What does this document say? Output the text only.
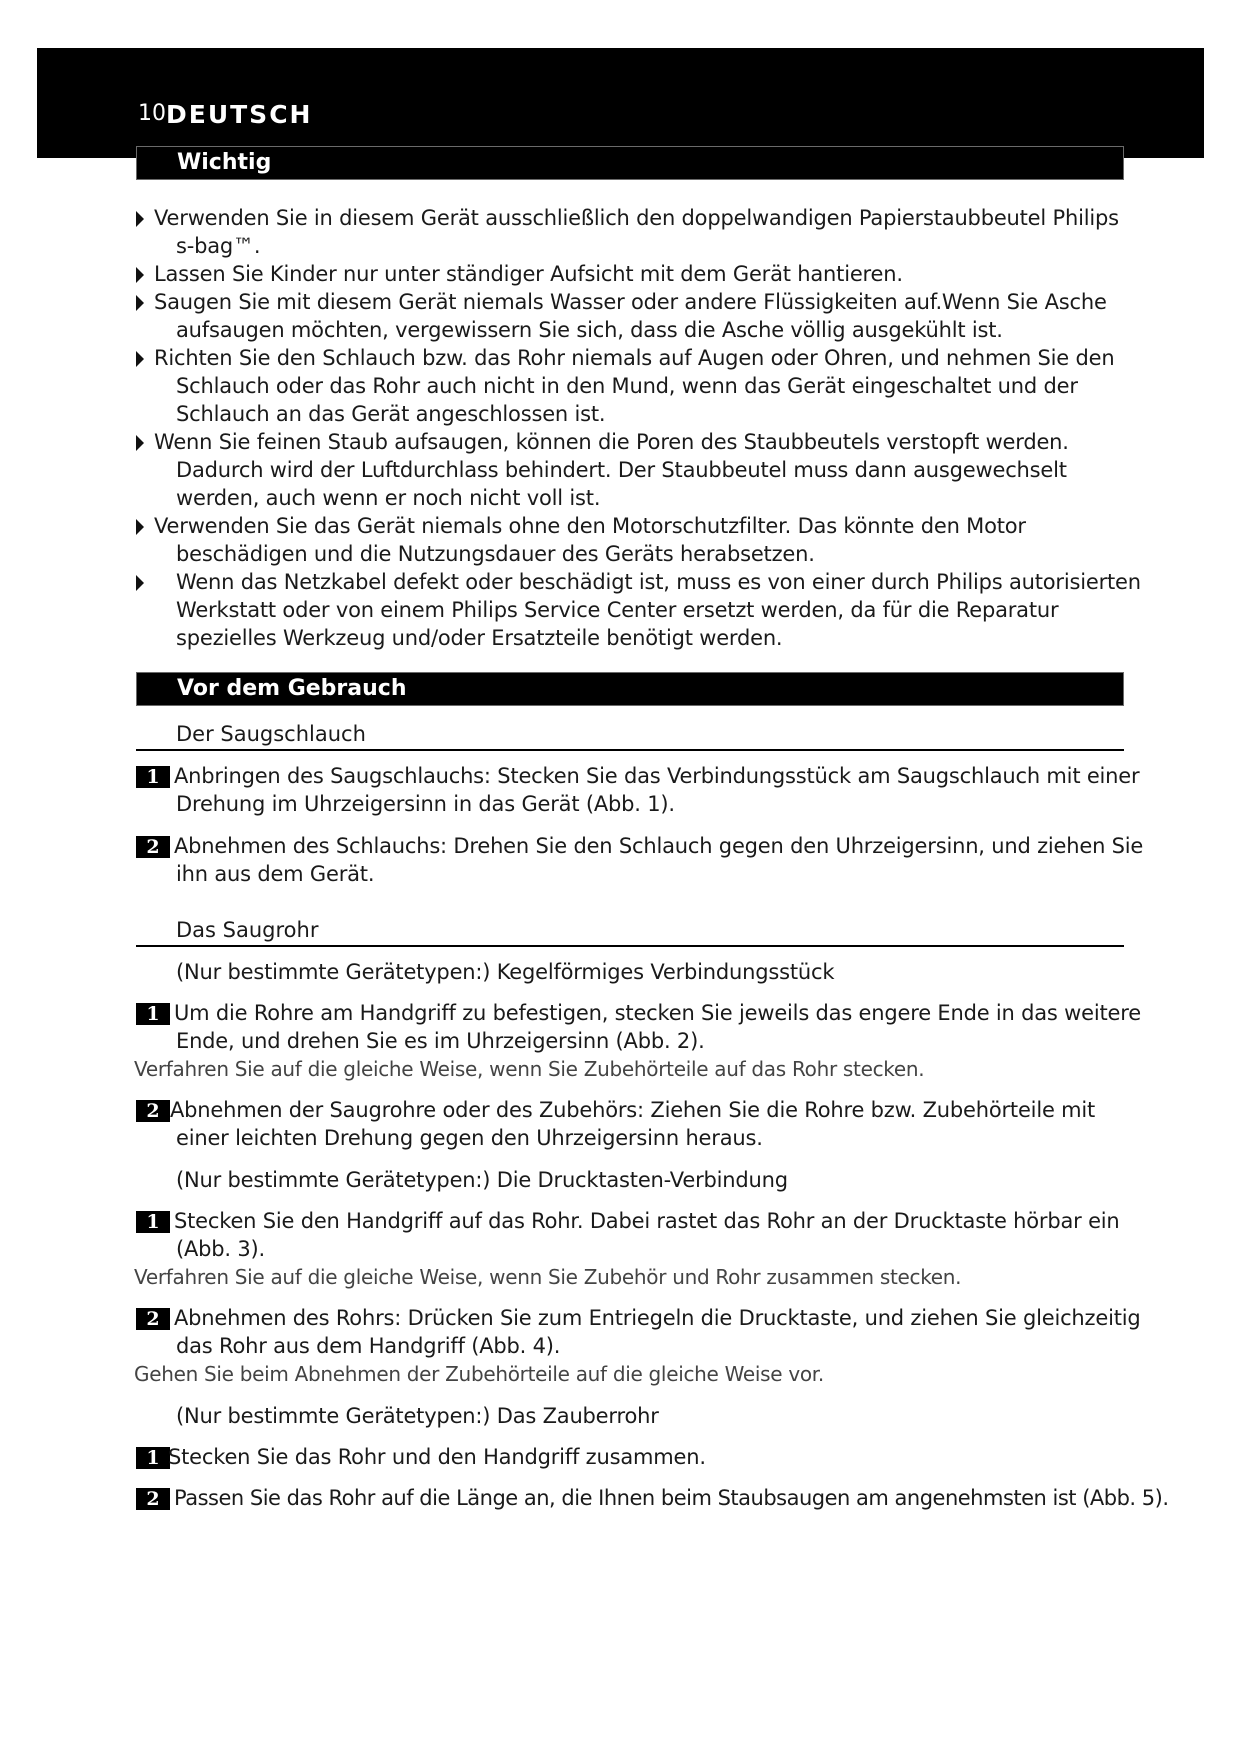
10 DEUTSCH
Wichtig
Verwenden Sie in diesem Gerät ausschließlich den doppelwandigen Papierstaubbeutel Philips
s-bag™.
Lassen Sie Kinder nur unter ständiger Aufsicht mit dem Gerät hantieren.
Saugen Sie mit diesem Gerät niemals Wasser oder andere Flüssigkeiten auf.Wenn Sie Asche
aufsaugen möchten, vergewissern Sie sich, dass die Asche völlig ausgekühlt ist.
Richten Sie den Schlauch bzw. das Rohr niemals auf Augen oder Ohren, und nehmen Sie den
Schlauch oder das Rohr auch nicht in den Mund, wenn das Gerät eingeschaltet und der
Schlauch an das Gerät angeschlossen ist.
Wenn Sie feinen Staub aufsaugen, können die Poren des Staubbeutels verstopft werden.
Dadurch wird der Luftdurchlass behindert. Der Staubbeutel muss dann ausgewechselt
werden, auch wenn er noch nicht voll ist.
Verwenden Sie das Gerät niemals ohne den Motorschutzfilter. Das könnte den Motor
beschädigen und die Nutzungsdauer des Geräts herabsetzen.
Wenn das Netzkabel defekt oder beschädigt ist, muss es von einer durch Philips autorisierten
Werkstatt oder von einem Philips Service Center ersetzt werden, da für die Reparatur
spezielles Werkzeug und/oder Ersatzteile benötigt werden.
Vor dem Gebrauch
Der Saugschlauch
1 Anbringen des Saugschlauchs: Stecken Sie das Verbindungsstück am Saugschlauch mit einer
Drehung im Uhrzeigersinn in das Gerät (Abb. 1).
2 Abnehmen des Schlauchs: Drehen Sie den Schlauch gegen den Uhrzeigersinn, und ziehen Sie
ihn aus dem Gerät.
Das Saugrohr
(Nur bestimmte Gerätetypen:) Kegelförmiges Verbindungsstück
1 Um die Rohre am Handgriff zu befestigen, stecken Sie jeweils das engere Ende in das weitere
Ende, und drehen Sie es im Uhrzeigersinn (Abb. 2).
Verfahren Sie auf die gleiche Weise, wenn Sie Zubehörteile auf das Rohr stecken.
2 Abnehmen der Saugrohre oder des Zubehörs: Ziehen Sie die Rohre bzw. Zubehörteile mit
einer leichten Drehung gegen den Uhrzeigersinn heraus.
(Nur bestimmte Gerätetypen:) Die Drucktasten-Verbindung
1 Stecken Sie den Handgriff auf das Rohr. Dabei rastet das Rohr an der Drucktaste hörbar ein
(Abb. 3).
Verfahren Sie auf die gleiche Weise, wenn Sie Zubehör und Rohr zusammen stecken.
2 Abnehmen des Rohrs: Drücken Sie zum Entriegeln die Drucktaste, und ziehen Sie gleichzeitig
das Rohr aus dem Handgriff (Abb. 4).
Gehen Sie beim Abnehmen der Zubehörteile auf die gleiche Weise vor.
(Nur bestimmte Gerätetypen:) Das Zauberrohr
1 Stecken Sie das Rohr und den Handgriff zusammen.
2 Passen Sie das Rohr auf die Länge an, die Ihnen beim Staubsaugen am angenehmsten ist (Abb. 5).
